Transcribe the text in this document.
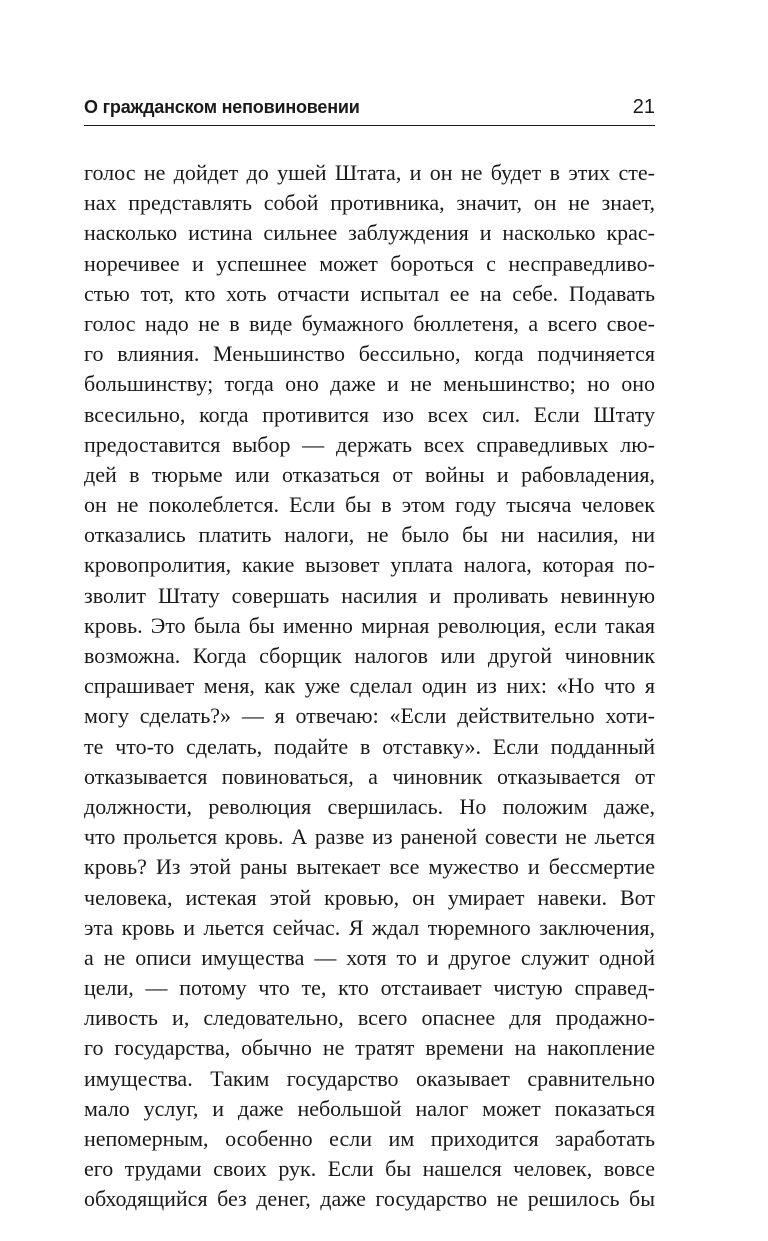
О гражданском неповиновении	21
голос не дойдет до ушей Штата, и он не будет в этих сте-
нах представлять собой противника, значит, он не знает,
насколько истина сильнее заблуждения и насколько крас-
норечивее и успешнее может бороться с несправедливо-
стью тот, кто хоть отчасти испытал ее на себе. Подавать
голос надо не в виде бумажного бюллетеня, а всего свое-
го влияния. Меньшинство бессильно, когда подчиняется
большинству; тогда оно даже и не меньшинство; но оно
всесильно, когда противится изо всех сил. Если Штату
предоставится выбор — держать всех справедливых лю-
дей в тюрьме или отказаться от войны и рабовладения,
он не поколеблется. Если бы в этом году тысяча человек
отказались платить налоги, не было бы ни насилия, ни
кровопролития, какие вызовет уплата налога, которая по-
зволит Штату совершать насилия и проливать невинную
кровь. Это была бы именно мирная революция, если такая
возможна. Когда сборщик налогов или другой чиновник
спрашивает меня, как уже сделал один из них: «Но что я
могу сделать?» — я отвечаю: «Если действительно хоти-
те что-то сделать, подайте в отставку». Если подданный
отказывается повиноваться, а чиновник отказывается от
должности, революция свершилась. Но положим даже,
что прольется кровь. А разве из раненой совести не льется
кровь? Из этой раны вытекает все мужество и бессмертие
человека, истекая этой кровью, он умирает навеки. Вот
эта кровь и льется сейчас. Я ждал тюремного заключения,
а не описи имущества — хотя то и другое служит одной
цели, — потому что те, кто отстаивает чистую справед-
ливость и, следовательно, всего опаснее для продажно-
го государства, обычно не тратят времени на накопление
имущества. Таким государство оказывает сравнительно
мало услуг, и даже небольшой налог может показаться
непомерным, особенно если им приходится заработать
его трудами своих рук. Если бы нашелся человек, вовсе
обходящийся без денег, даже государство не решилось бы
